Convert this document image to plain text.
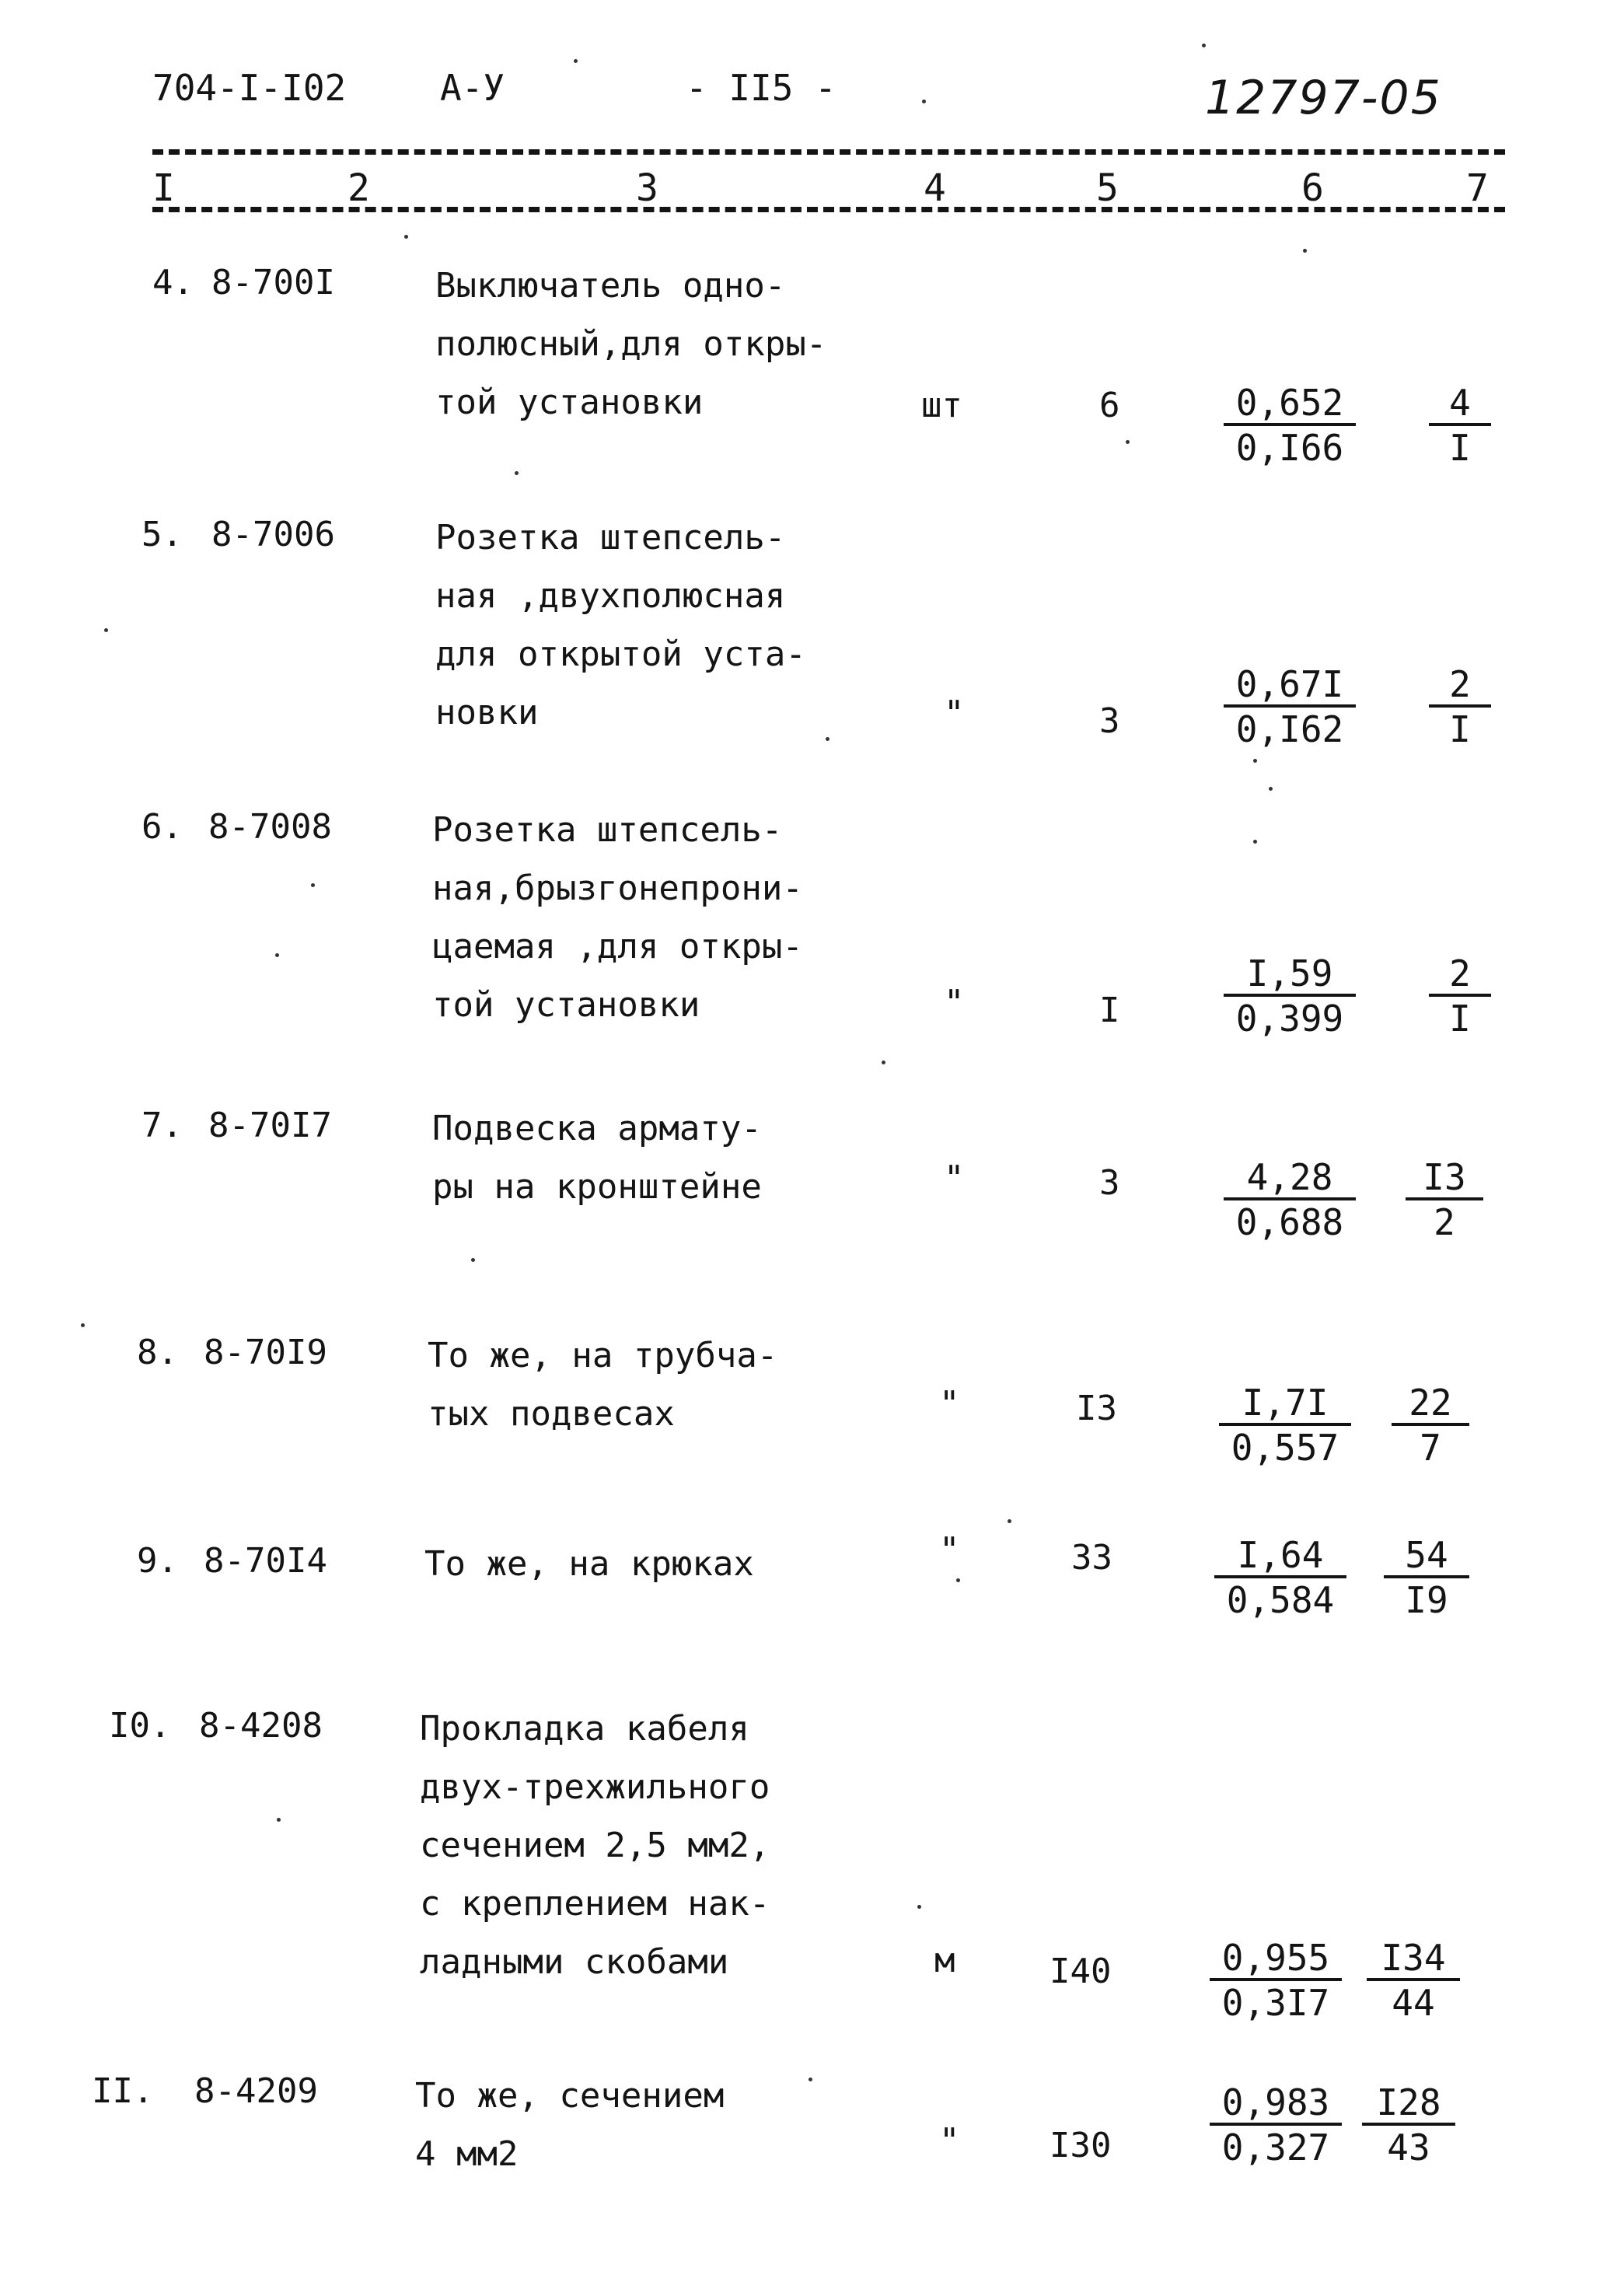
704-I-I02	А-У	- II5 -	12797-05
I	2	3	4	5	6	7
4. 8-700I	Выключатель одно-
полюсный,для откры-
той установки	шт	6	$\frac{0,652}{0,I66} \frac{4}{I}$
5. 8-7006	Розетка штепсель-
ная ,двухполюсная
для открытой уста-
новки	"	3	$\frac{0,67I}{0,I62} \frac{2}{I}$
6. 8-7008	Розетка штепсель-
ная,брызгонепрони-
цаемая ,для откры-
той установки	"	I	$\frac{I,59}{0,399} \frac{2}{I}$
7. 8-70I7	Подвеска армату-
ры на кронштейне	"	3	$\frac{4,28}{0,688} \frac{I3}{2}$
8. 8-70I9	То же, на трубча-
тых подвесах	"	I3	$\frac{I,7I}{0,557} \frac{22}{7}$
9. 8-70I4	То же, на крюках	"	33	$\frac{I,64}{0,584} \frac{54}{I9}$
I0. 8-4208	Прокладка кабеля
двух-трехжильного
сечением 2,5 мм2,
с креплением нак-
ладными скобами	м	I40	$\frac{0,955}{0,3I7} \frac{I34}{44}$
II. 8-4209	То же, сечением
4 мм2	"	I30	$\frac{0,983}{0,327} \frac{I28}{43}$
